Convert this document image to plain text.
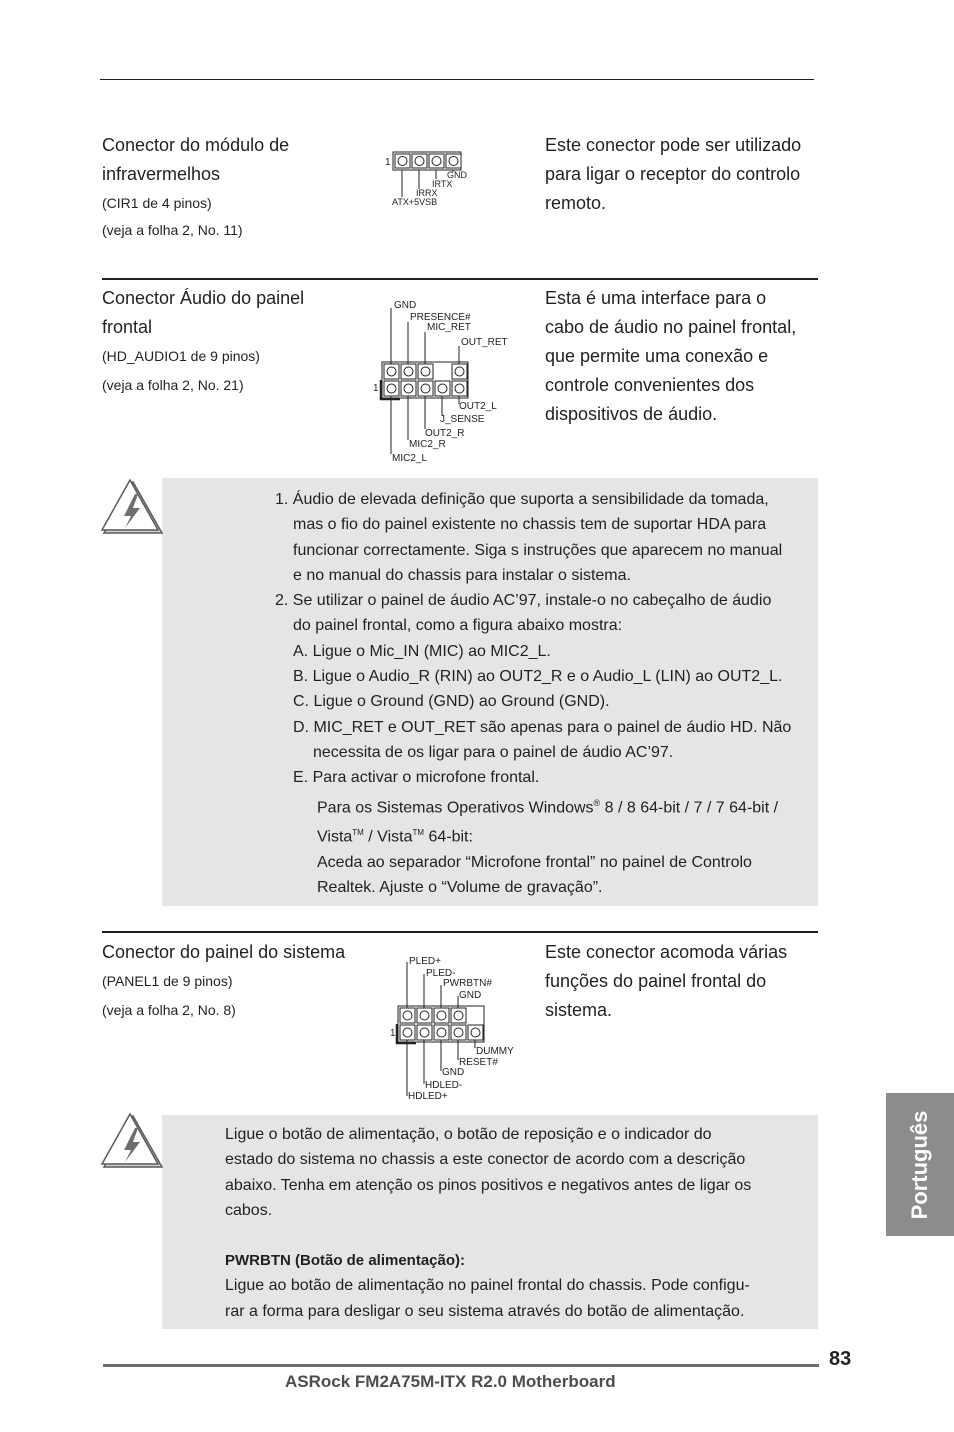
Conector do módulo de
infravermelhos
(CIR1 de 4 pinos)
(veja a folha 2, No. 11)
Este conector pode ser utilizado
para ligar o receptor do controlo
remoto.
1
GND
IRTX
IRRX
ATX+5VSB
Conector Áudio do painel
frontal
(HD_AUDIO1 de 9 pinos)
(veja a folha 2, No. 21)
Esta é uma interface para o
cabo de áudio no painel frontal,
que permite uma conexão e
controle convenientes dos
dispositivos de áudio.
GND
PRESENCE#
MIC_RET
OUT_RET
1
OUT2_L
J_SENSE
OUT2_R
MIC2_R
MIC2_L

1. Áudio de elevada definição que suporta a sensibilidade da tomada,

mas o fio do painel existente no chassis tem de suportar HDA para

funcionar correctamente. Siga s instruções que aparecem no manual

e no manual do chassis para instalar o sistema.

2. Se utilizar o painel de áudio AC’97, instale-o no cabeçalho de áudio

do painel frontal, como a figura abaixo mostra:

A. Ligue o Mic_IN (MIC) ao MIC2_L.

B. Ligue o Audio_R (RIN) ao OUT2_R e o Audio_L (LIN) ao OUT2_L.

C. Ligue o Ground (GND) ao Ground (GND).

D. MIC_RET e OUT_RET são apenas para o painel de áudio HD. Não

necessita de os ligar para o painel de áudio AC’97.

E. Para activar o microfone frontal.

Para os Sistemas Operativos Windows® 8 / 8 64-bit / 7 / 7 64-bit /

Vista™ / Vista™ 64-bit:

Aceda ao separador “Microfone frontal” no painel de Controlo

Realtek. Ajuste o “Volume de gravação”.

Conector do painel do sistema
(PANEL1 de 9 pinos)
(veja a folha 2, No. 8)
Este conector acomoda várias
funções do painel frontal do
sistema.
PLED+
PLED-
PWRBTN#
GND
1
DUMMY
RESET#
GND
HDLED-
HDLED+

Ligue o botão de alimentação, o botão de reposição e o indicador do

estado do sistema no chassis a este conector de acordo com a descrição

abaixo. Tenha em atenção os pinos positivos e negativos antes de ligar os

cabos.

PWRBTN (Botão de alimentação):

Ligue ao botão de alimentação no painel frontal do chassis. Pode configu-

rar a forma para desligar o seu sistema através do botão de alimentação.

Português
83
ASRock FM2A75M-ITX R2.0 Motherboard
